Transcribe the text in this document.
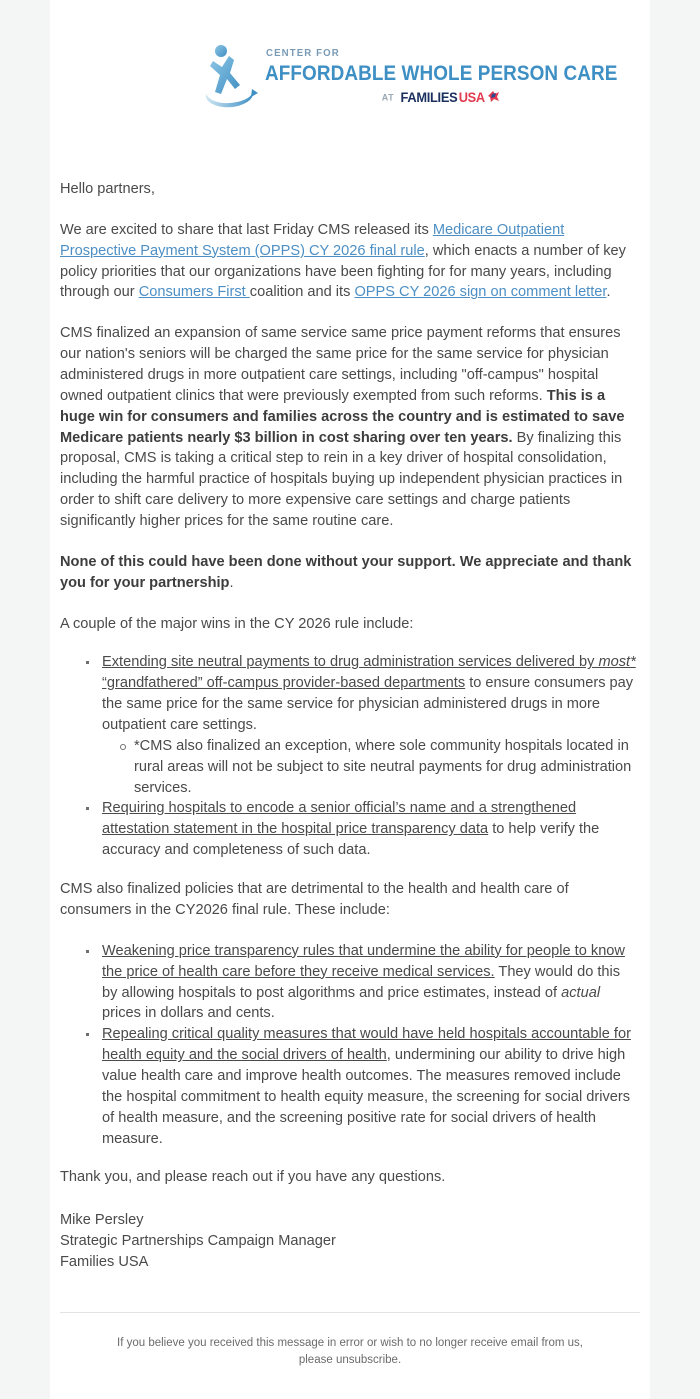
CENTER FOR
AFFORDABLE WHOLE PERSON CARE
AT FAMILIES USA

Hello partners,

We are excited to share that last Friday CMS released its Medicare Outpatient Prospective Payment System (OPPS) CY 2026 final rule, which enacts a number of key policy priorities that our organizations have been fighting for for many years, including through our Consumers First coalition and its OPPS CY 2026 sign on comment letter.

CMS finalized an expansion of same service same price payment reforms that ensures our nation's seniors will be charged the same price for the same service for physician administered drugs in more outpatient care settings, including "off-campus" hospital owned outpatient clinics that were previously exempted from such reforms. This is a huge win for consumers and families across the country and is estimated to save Medicare patients nearly $3 billion in cost sharing over ten years. By finalizing this proposal, CMS is taking a critical step to rein in a key driver of hospital consolidation, including the harmful practice of hospitals buying up independent physician practices in order to shift care delivery to more expensive care settings and charge patients significantly higher prices for the same routine care.

None of this could have been done without your support. We appreciate and thank you for your partnership.

A couple of the major wins in the CY 2026 rule include:

Extending site neutral payments to drug administration services delivered by most* “grandfathered” off-campus provider-based departments to ensure consumers pay the same price for the same service for physician administered drugs in more outpatient care settings.
*CMS also finalized an exception, where sole community hospitals located in rural areas will not be subject to site neutral payments for drug administration services.
Requiring hospitals to encode a senior official’s name and a strengthened attestation statement in the hospital price transparency data to help verify the accuracy and completeness of such data.

CMS also finalized policies that are detrimental to the health and health care of consumers in the CY2026 final rule. These include:

Weakening price transparency rules that undermine the ability for people to know the price of health care before they receive medical services. They would do this by allowing hospitals to post algorithms and price estimates, instead of actual prices in dollars and cents.
Repealing critical quality measures that would have held hospitals accountable for health equity and the social drivers of health, undermining our ability to drive high value health care and improve health outcomes. The measures removed include the hospital commitment to health equity measure, the screening for social drivers of health measure, and the screening positive rate for social drivers of health measure.

Thank you, and please reach out if you have any questions.

Mike Persley
Strategic Partnerships Campaign Manager
Families USA
If you believe you received this message in error or wish to no longer receive email from us, please unsubscribe.
